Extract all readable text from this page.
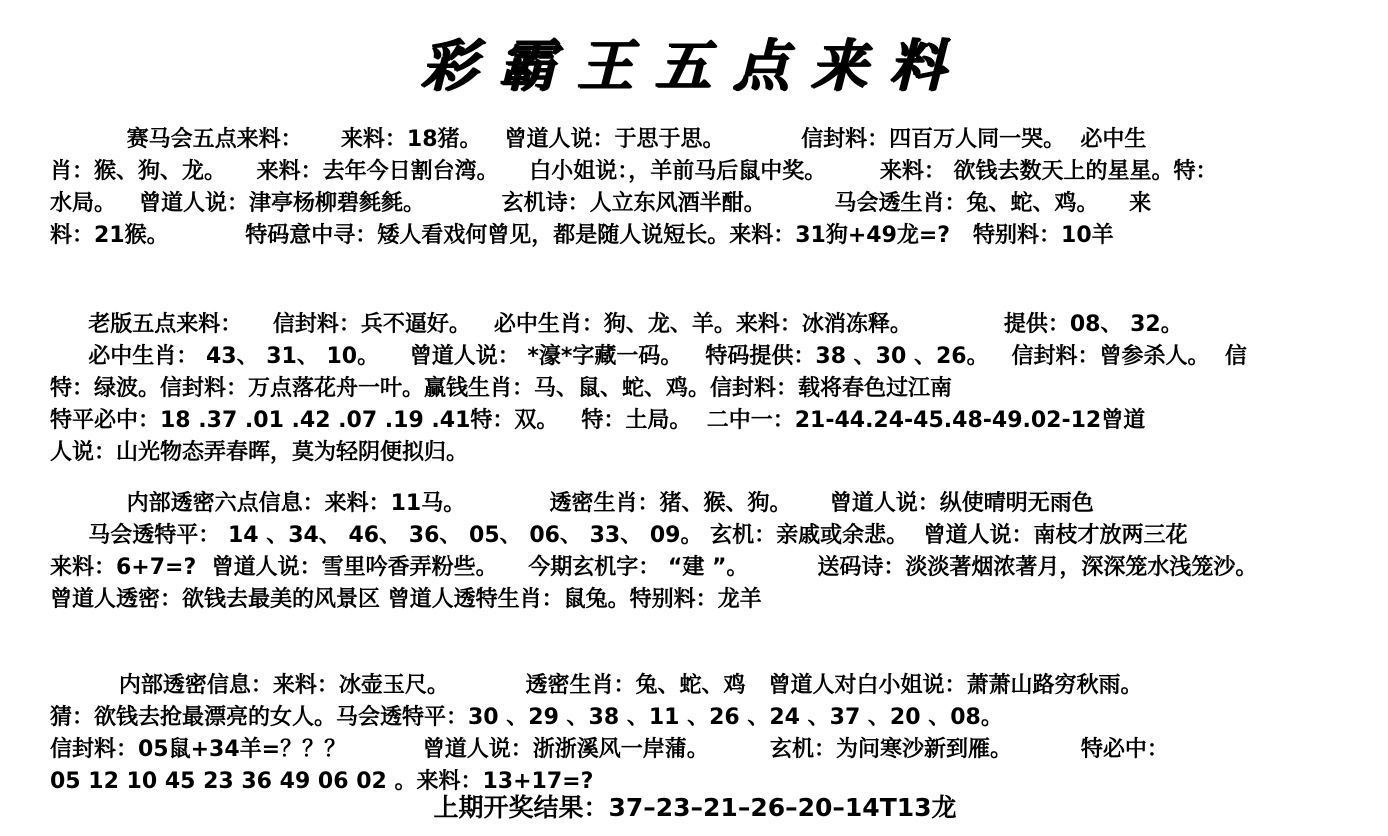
彩霸王五点来料
赛马会五点来料：     来料：18猪。   曾道人说：于思于思。          信封料：四百万人同一哭。  必中生
肖：猴、狗、龙。    来料：去年今日割台湾。    白小姐说：，羊前马后鼠中奖。       来料： 欲钱去数天上的星星。特：
水局。   曾道人说：津亭杨柳碧毵毵。          玄机诗：人立东风酒半酣。         马会透生肖：兔、蛇、鸡。    来
料：21猴。          特码意中寻：矮人看戏何曾见，都是随人说短长。来料：31狗+49龙=?   特别料：10羊
老版五点来料：    信封料：兵不逼好。   必中生肖：狗、龙、羊。来料：冰消冻释。            提供：08、 32。
必中生肖： 43、 31、 10。    曾道人说： *濠*字藏一码。   特码提供：38 、30 、26。   信封料：曾参杀人。  信
特：绿波。信封料：万点落花舟一叶。赢钱生肖：马、鼠、蛇、鸡。信封料：载将春色过江南
特平必中：18 .37 .01 .42 .07 .19 .41特：双。   特：土局。  二中一：21-44.24-45.48-49.02-12曾道
人说：山光物态弄春晖，莫为轻阴便拟归。
内部透密六点信息：来料：11马。           透密生肖：猪、猴、狗。     曾道人说：纵使晴明无雨色
马会透特平： 14 、34、 46、 36、 05、 06、 33、 09。 玄机：亲戚或余悲。  曾道人说：南枝才放两三花
来料：6+7=?  曾道人说：雪里吟香弄粉些。    今期玄机字： “建 ”。         送码诗：淡淡著烟浓著月，深深笼水浅笼沙。
曾道人透密：欲钱去最美的风景区 曾道人透特生肖：鼠兔。特别料：龙羊
内部透密信息：来料：冰壶玉尺。          透密生肖：兔、蛇、鸡   曾道人对白小姐说：萧萧山路穷秋雨。
猜：欲钱去抢最漂亮的女人。马会透特平：30 、29 、38 、11 、26 、24 、37 、20 、08。
信封料：05鼠+34羊=？？？          曾道人说：浙浙溪风一岸蒲。        玄机：为问寒沙新到雁。         特必中：
05 12 10 45 23 36 49 06 02 。来料：13+17=?
上期开奖结果：37–23–21–26–20–14T13龙
